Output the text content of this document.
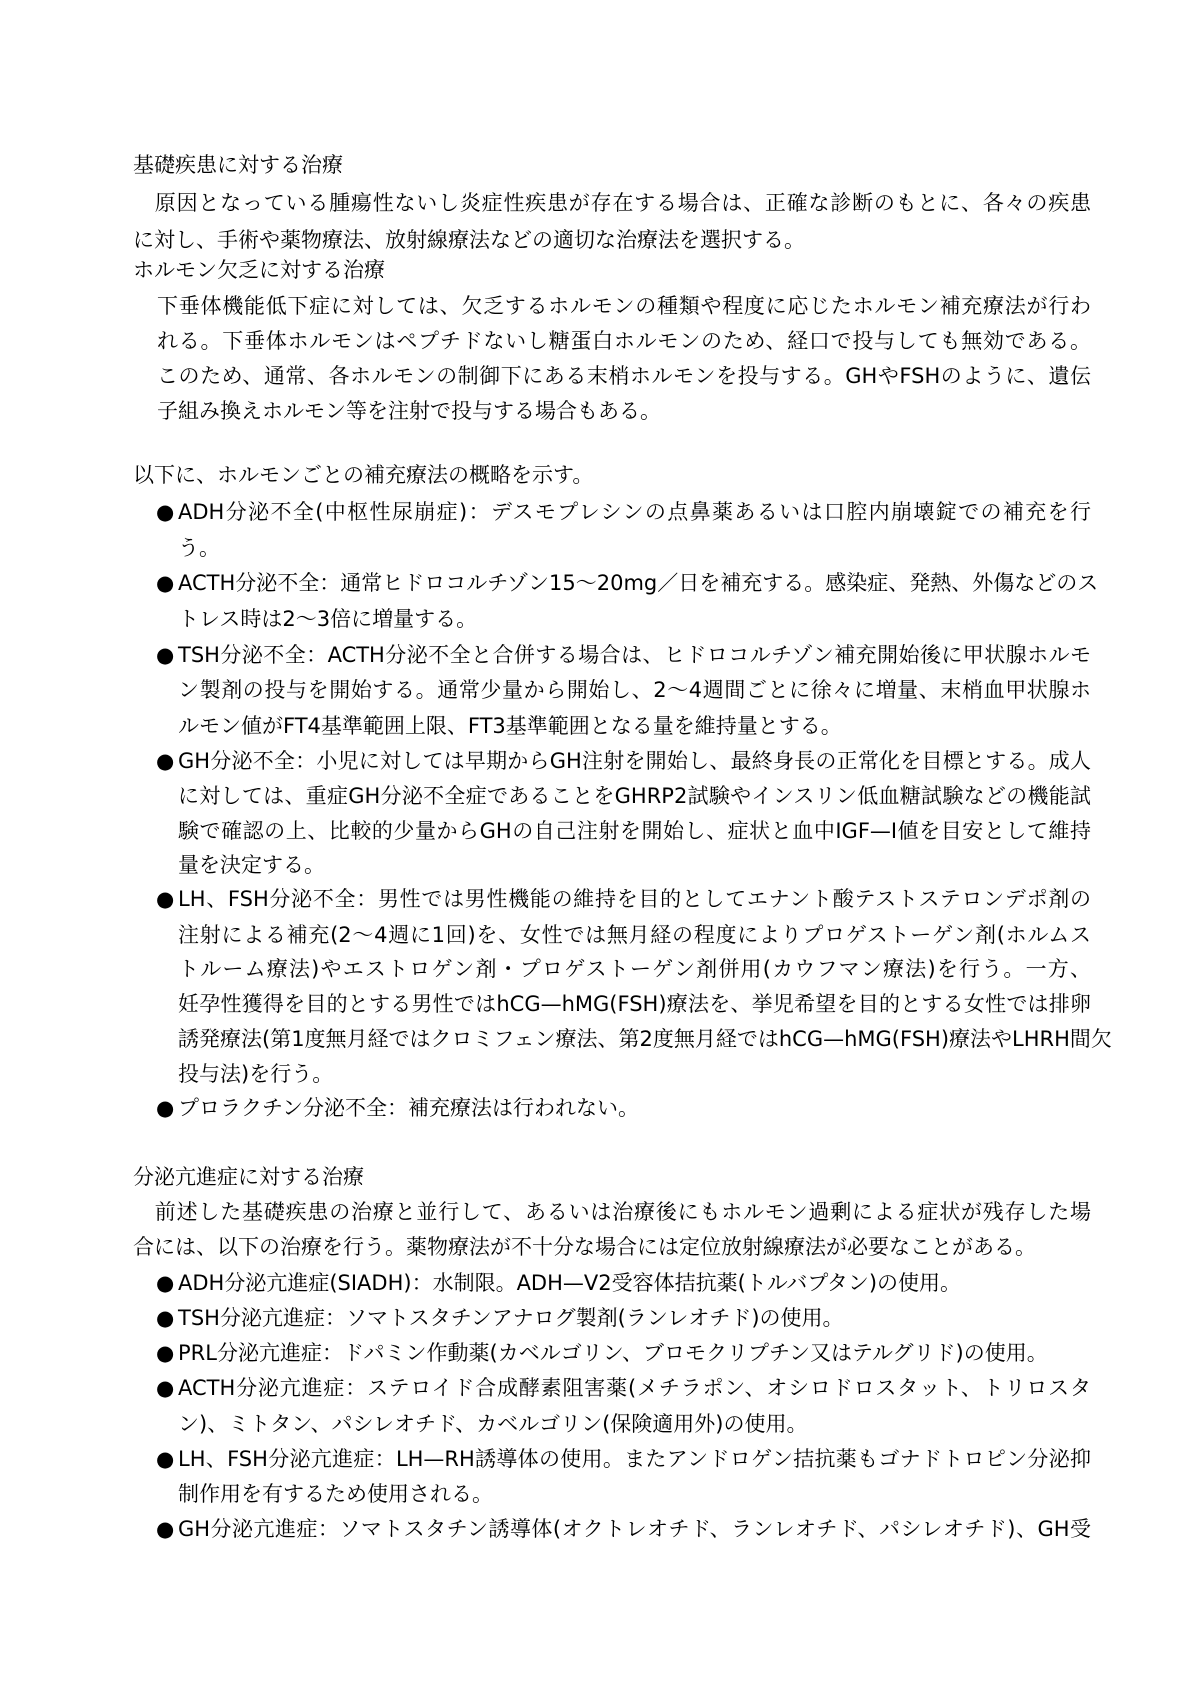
基礎疾患に対する治療
　原因となっている腫瘍性ないし炎症性疾患が存在する場合は、正確な診断のもとに、各々の疾患
に対し、手術や薬物療法、放射線療法などの適切な治療法を選択する。
ホルモン欠乏に対する治療
下垂体機能低下症に対しては、欠乏するホルモンの種類や程度に応じたホルモン補充療法が行わ
れる。下垂体ホルモンはペプチドないし糖蛋白ホルモンのため、経口で投与しても無効である。
このため、通常、各ホルモンの制御下にある末梢ホルモンを投与する。GHやFSHのように、遺伝
子組み換えホルモン等を注射で投与する場合もある。
以下に、ホルモンごとの補充療法の概略を示す。
ADH分泌不全(中枢性尿崩症)：デスモプレシンの点鼻薬あるいは口腔内崩壊錠での補充を行
●
う。
ACTH分泌不全：通常ヒドロコルチゾン15～20mg／日を補充する。感染症、発熱、外傷などのス
●
トレス時は2～3倍に増量する。
TSH分泌不全：ACTH分泌不全と合併する場合は、ヒドロコルチゾン補充開始後に甲状腺ホルモ
●
ン製剤の投与を開始する。通常少量から開始し、2～4週間ごとに徐々に増量、末梢血甲状腺ホ
ルモン値がFT4基準範囲上限、FT3基準範囲となる量を維持量とする。
GH分泌不全：小児に対しては早期からGH注射を開始し、最終身長の正常化を目標とする。成人
●
に対しては、重症GH分泌不全症であることをGHRP2試験やインスリン低血糖試験などの機能試
験で確認の上、比較的少量からGHの自己注射を開始し、症状と血中IGF—I値を目安として維持
量を決定する。
LH、FSH分泌不全：男性では男性機能の維持を目的としてエナント酸テストステロンデポ剤の
●
注射による補充(2～4週に1回)を、女性では無月経の程度によりプロゲストーゲン剤(ホルムス
トルーム療法)やエストロゲン剤・プロゲストーゲン剤併用(カウフマン療法)を行う。一方、
妊孕性獲得を目的とする男性ではhCG—hMG(FSH)療法を、挙児希望を目的とする女性では排卵
誘発療法(第1度無月経ではクロミフェン療法、第2度無月経ではhCG—hMG(FSH)療法やLHRH間欠
投与法)を行う。
プロラクチン分泌不全：補充療法は行われない。
●
分泌亢進症に対する治療
　前述した基礎疾患の治療と並行して、あるいは治療後にもホルモン過剰による症状が残存した場
合には、以下の治療を行う。薬物療法が不十分な場合には定位放射線療法が必要なことがある。
ADH分泌亢進症(SIADH)：水制限。ADH—V2受容体拮抗薬(トルバプタン)の使用。
●
TSH分泌亢進症：ソマトスタチンアナログ製剤(ランレオチド)の使用。
●
PRL分泌亢進症：ドパミン作動薬(カベルゴリン、ブロモクリプチン又はテルグリド)の使用。
●
ACTH分泌亢進症：ステロイド合成酵素阻害薬(メチラポン、オシロドロスタット、トリロスタ
●
ン)、ミトタン、パシレオチド、カベルゴリン(保険適用外)の使用。
LH、FSH分泌亢進症：LH—RH誘導体の使用。またアンドロゲン拮抗薬もゴナドトロピン分泌抑
●
制作用を有するため使用される。
GH分泌亢進症：ソマトスタチン誘導体(オクトレオチド、ランレオチド、パシレオチド)、GH受
●
